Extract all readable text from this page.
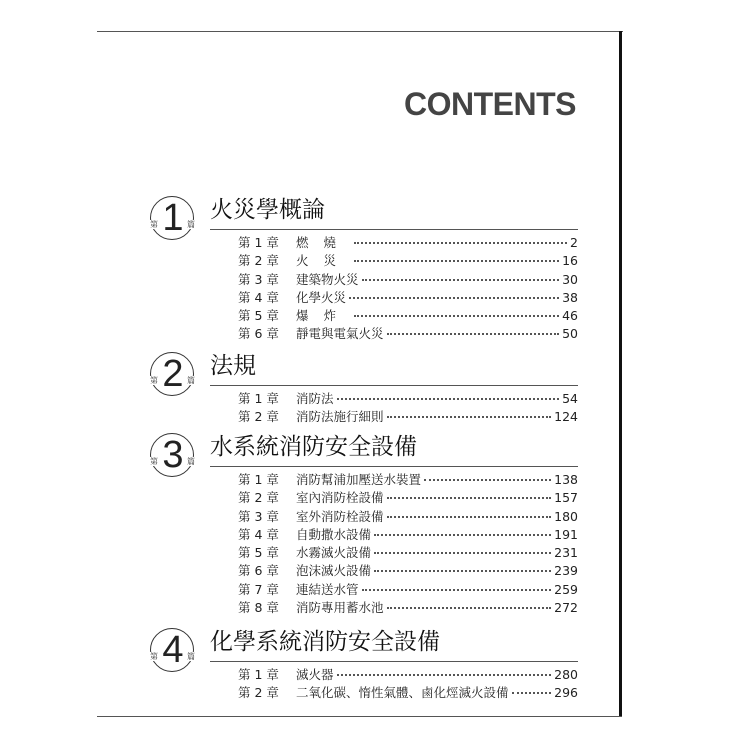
CONTENTS
1
第	篇
火災學概論
第 1 章	燃燒	2
第 2 章	火災	16
第 3 章	建築物火災	30
第 4 章	化學火災	38
第 5 章	爆炸	46
第 6 章	靜電與電氣火災	50
2
第	篇
法規
第 1 章	消防法	54
第 2 章	消防法施行細則	124
3
第	篇
水系統消防安全設備
第 1 章	消防幫浦加壓送水裝置	138
第 2 章	室內消防栓設備	157
第 3 章	室外消防栓設備	180
第 4 章	自動撒水設備	191
第 5 章	水霧滅火設備	231
第 6 章	泡沫滅火設備	239
第 7 章	連結送水管	259
第 8 章	消防專用蓄水池	272
4
第	篇
化學系統消防安全設備
第 1 章	滅火器	280
第 2 章	二氧化碳、惰性氣體、鹵化烴滅火設備	296
